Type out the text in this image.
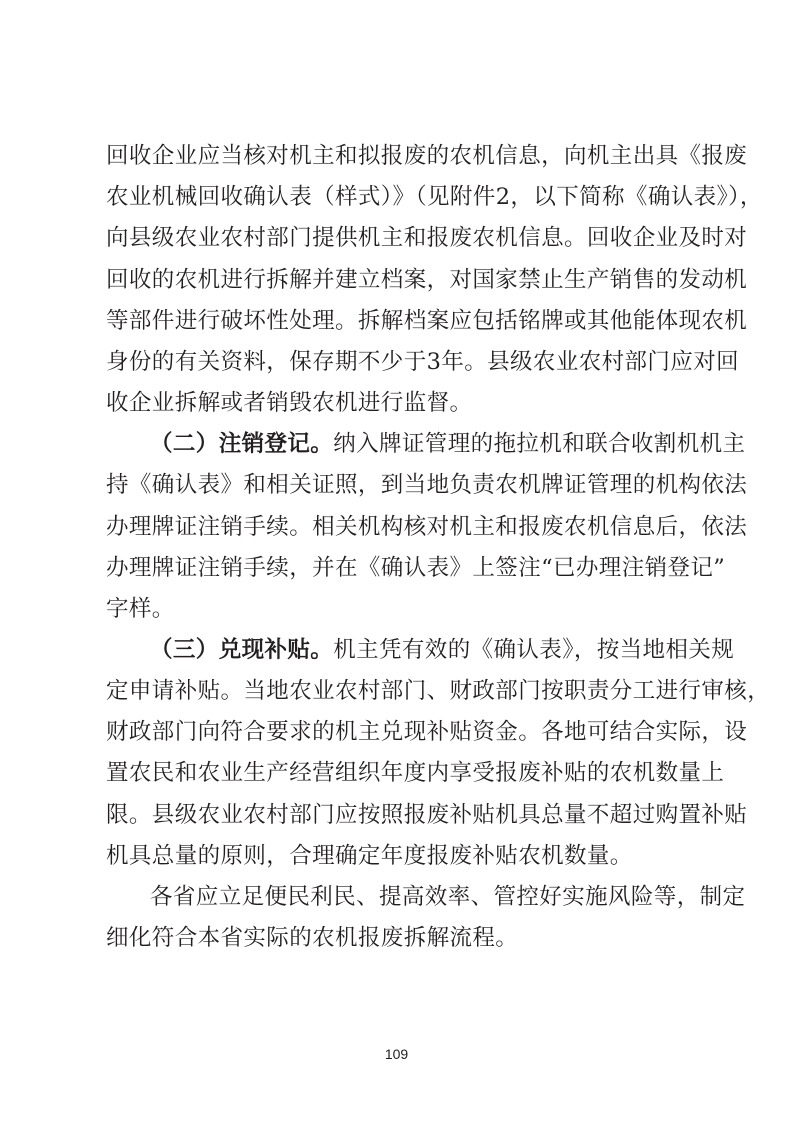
回收企业应当核对机主和拟报废的农机信息，向机主出具《报废
农业机械回收确认表（样式）》（见附件2，以下简称《确认表》），
向县级农业农村部门提供机主和报废农机信息。回收企业及时对
回收的农机进行拆解并建立档案，对国家禁止生产销售的发动机
等部件进行破坏性处理。拆解档案应包括铭牌或其他能体现农机
身份的有关资料，保存期不少于3年。县级农业农村部门应对回
收企业拆解或者销毁农机进行监督。
（二）注销登记。纳入牌证管理的拖拉机和联合收割机机主
持《确认表》和相关证照，到当地负责农机牌证管理的机构依法
办理牌证注销手续。相关机构核对机主和报废农机信息后，依法
办理牌证注销手续，并在《确认表》上签注“已办理注销登记”
字样。
（三）兑现补贴。机主凭有效的《确认表》，按当地相关规
定申请补贴。当地农业农村部门、财政部门按职责分工进行审核，
财政部门向符合要求的机主兑现补贴资金。各地可结合实际，设
置农民和农业生产经营组织年度内享受报废补贴的农机数量上
限。县级农业农村部门应按照报废补贴机具总量不超过购置补贴
机具总量的原则，合理确定年度报废补贴农机数量。
各省应立足便民利民、提高效率、管控好实施风险等，制定
细化符合本省实际的农机报废拆解流程。
109
